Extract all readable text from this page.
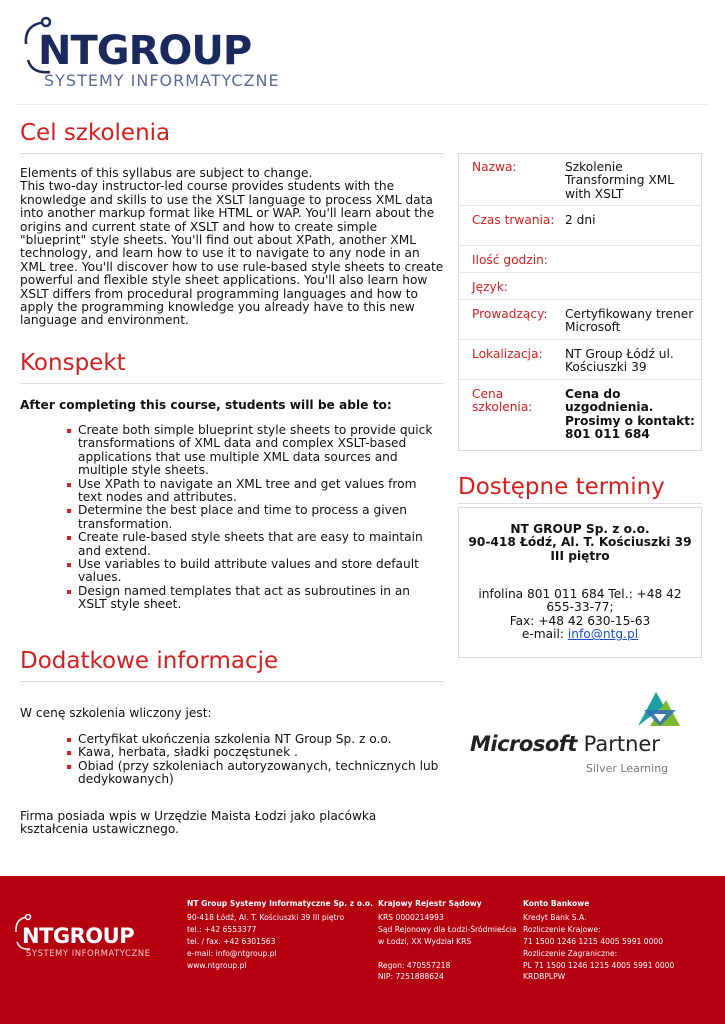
NTGROUP
SYSTEMY INFORMATYCZNE
Cel szkolenia
Elements of this syllabus are subject to change.
This two-day instructor-led course provides students with the knowledge and skills to use the XSLT language to process XML data into another markup format like HTML or WAP. You'll learn about the origins and current state of XSLT and how to create simple "blueprint" style sheets. You'll find out about XPath, another XML technology, and learn how to use it to navigate to any node in an XML tree. You'll discover how to use rule-based style sheets to create powerful and flexible style sheet applications. You'll also learn how XSLT differs from procedural programming languages and how to apply the programming knowledge you already have to this new language and environment.
Konspekt
After completing this course, students will be able to:
Create both simple blueprint style sheets to provide quick transformations of XML data and complex XSLT-based applications that use multiple XML data sources and multiple style sheets.
Use XPath to navigate an XML tree and get values from text nodes and attributes.
Determine the best place and time to process a given transformation.
Create rule-based style sheets that are easy to maintain and extend.
Use variables to build attribute values and store default values.
Design named templates that act as subroutines in an XSLT style sheet.
Dodatkowe informacje
W cenę szkolenia wliczony jest:
Certyfikat ukończenia szkolenia NT Group Sp. z o.o.
Kawa, herbata, sładki poczęstunek .
Obiad (przy szkoleniach autoryzowanych, technicznych lub dedykowanych)
Firma posiada wpis w Urzędzie Maista Łodzi jako placówka kształcenia ustawicznego.
Nazwa:	Szkolenie Transforming XML with XSLT
Czas trwania: 2 dni
Ilość godzin:
Język:
Prowadzący:	Certyfikowany trener Microsoft
Lokalizacja:	NT Group Łódź ul. Kościuszki 39
Cena szkolenia:
Cena do uzgodnienia. Prosimy o kontakt: 801 011 684
Dostępne terminy
NT GROUP Sp. z o.o.
90-418 Łódź, Al. T. Kościuszki 39
III piętro
infolina 801 011 684 Tel.: +48 42 655-33-77;
Fax: +48 42 630-15-63
e-mail: info@ntg.pl
Microsoft Partner
Silver Learning
NTGROUP
SYSTEMY INFORMATYCZNE
NT Group Systemy Informatyczne Sp. z o.o.
90-418 Łódź, Al. T. Kościuszki 39 III piętro
tel.: +42 6553377
tel. / fax. +42 6301563
e-mail: info@ntgroup.pl
www.ntgroup.pl
Krajowy Rejestr Sądowy
KRS 0000214993
Sąd Rejonowy dla Łodzi-Śródmieścia
w Łodzi, XX Wydział KRS
Regon: 470557218
NIP: 7251888624
Konto Bankowe
Kredyt Bank S.A.
Rozliczenie Krajowe:
71 1500 1246 1215 4005 5991 0000
Rozliczenie Zagraniczne:
PL 71 1500 1246 1215 4005 5991 0000
KRDBPLPW
